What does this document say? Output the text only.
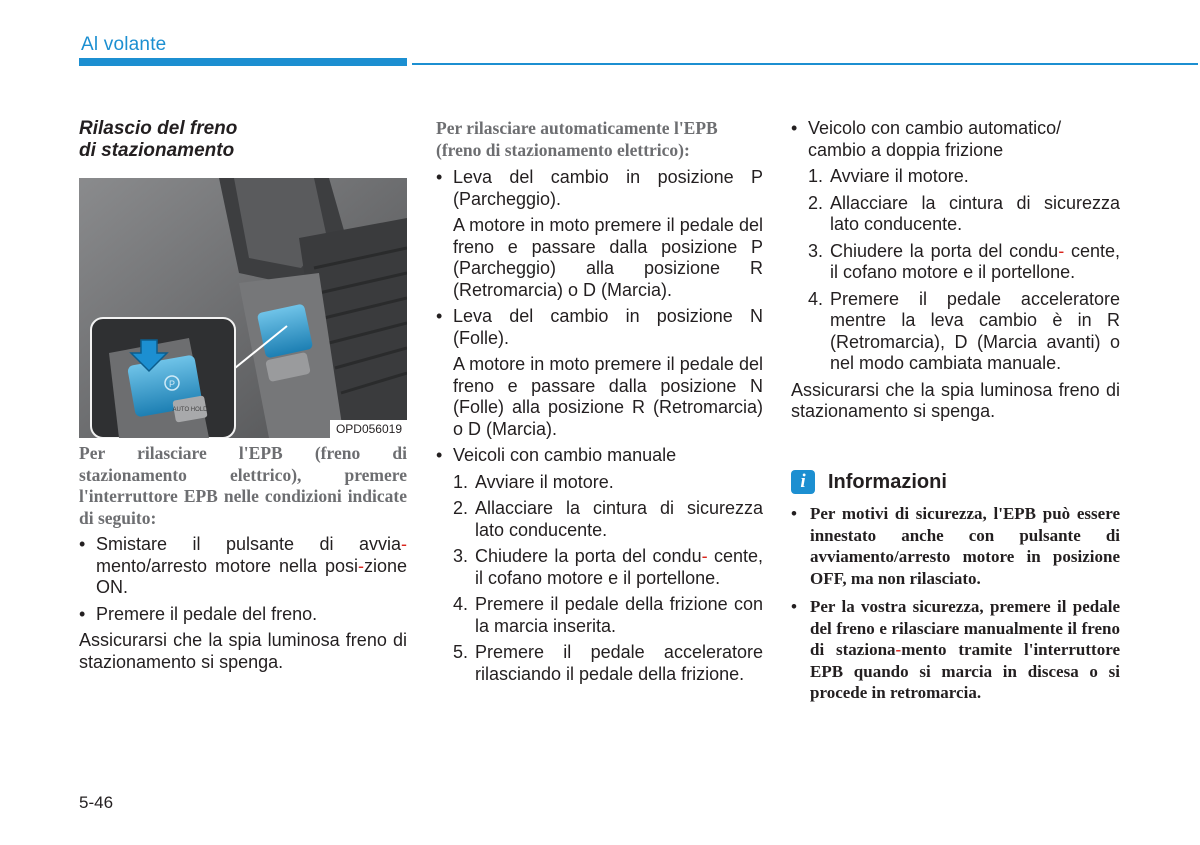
Al volante
Rilascio del freno
di stazionamento
P
AUTO HOLD
OPD056019

Per rilasciare l'EPB (freno di stazionamento elettrico), premere l'interruttore EPB nelle condizioni indicate di seguito:

• Smistare il pulsante di avvia- mento/arresto motore nella posi-zione ON.
• Premere il pedale del freno.

Assicurarsi che la spia luminosa freno di stazionamento si spenga.

Per rilasciare automaticamente l'EPB (freno di stazionamento elettrico):

• Leva del cambio in posizione P (Parcheggio).
A motore in moto premere il pedale del freno e passare dalla posizione P (Parcheggio) alla posizione R (Retromarcia) o D (Marcia).
• Leva del cambio in posizione N (Folle).
A motore in moto premere il pedale del freno e passare dalla posizione N (Folle) alla posizione R (Retromarcia) o D (Marcia).
• Veicoli con cambio manuale
1. Avviare il motore.
2. Allacciare la cintura di sicurezza lato conducente.
3. Chiudere la porta del condu- cente, il cofano motore e il portellone.
4. Premere il pedale della frizione con la marcia inserita.
5. Premere il pedale acceleratore rilasciando il pedale della frizione.
• Veicolo con cambio automatico/ cambio a doppia frizione
1. Avviare il motore.
2. Allacciare la cintura di sicurezza lato conducente.
3. Chiudere la porta del condu- cente, il cofano motore e il portellone.
4. Premere il pedale acceleratore mentre la leva cambio è in R (Retromarcia), D (Marcia avanti) o nel modo cambiata manuale.

Assicurarsi che la spia luminosa freno di stazionamento si spenga.

i	Informazioni
• Per motivi di sicurezza, l'EPB può essere innestato anche con pulsante di avviamento/arresto motore in posizione OFF, ma non rilasciato.
• Per la vostra sicurezza, premere il pedale del freno e rilasciare manualmente il freno di staziona-mento tramite l'interruttore EPB quando si marcia in discesa o si procede in retromarcia.
5-46
